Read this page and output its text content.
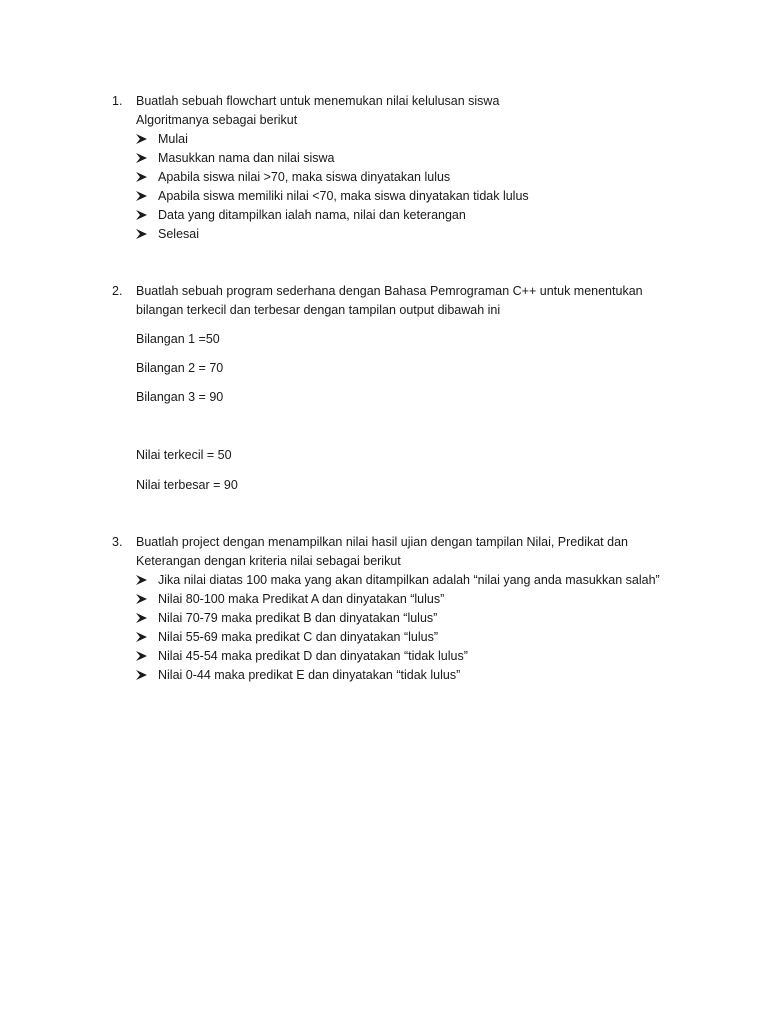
1.	Buatlah sebuah flowchart untuk menemukan nilai kelulusan siswa
Algoritmanya sebagai berikut
Mulai
Masukkan nama dan nilai siswa
Apabila siswa nilai >70, maka siswa dinyatakan lulus
Apabila siswa memiliki nilai <70, maka siswa dinyatakan tidak lulus
Data yang ditampilkan ialah nama, nilai dan keterangan
Selesai
2.	Buatlah sebuah program sederhana dengan Bahasa Pemrograman C++ untuk menentukan
bilangan terkecil dan terbesar dengan tampilan output dibawah ini

Bilangan 1 =50

Bilangan 2 = 70

Bilangan 3 = 90

Nilai terkecil = 50

Nilai terbesar = 90

3.	Buatlah project dengan menampilkan nilai hasil ujian dengan tampilan Nilai, Predikat dan
Keterangan dengan kriteria nilai sebagai berikut
Jika nilai diatas 100 maka yang akan ditampilkan adalah “nilai yang anda masukkan salah”
Nilai 80-100 maka Predikat A dan dinyatakan “lulus”
Nilai 70-79 maka predikat B dan dinyatakan “lulus”
Nilai 55-69 maka predikat C dan dinyatakan “lulus”
Nilai 45-54 maka predikat D dan dinyatakan “tidak lulus”
Nilai 0-44 maka predikat E dan dinyatakan “tidak lulus”
